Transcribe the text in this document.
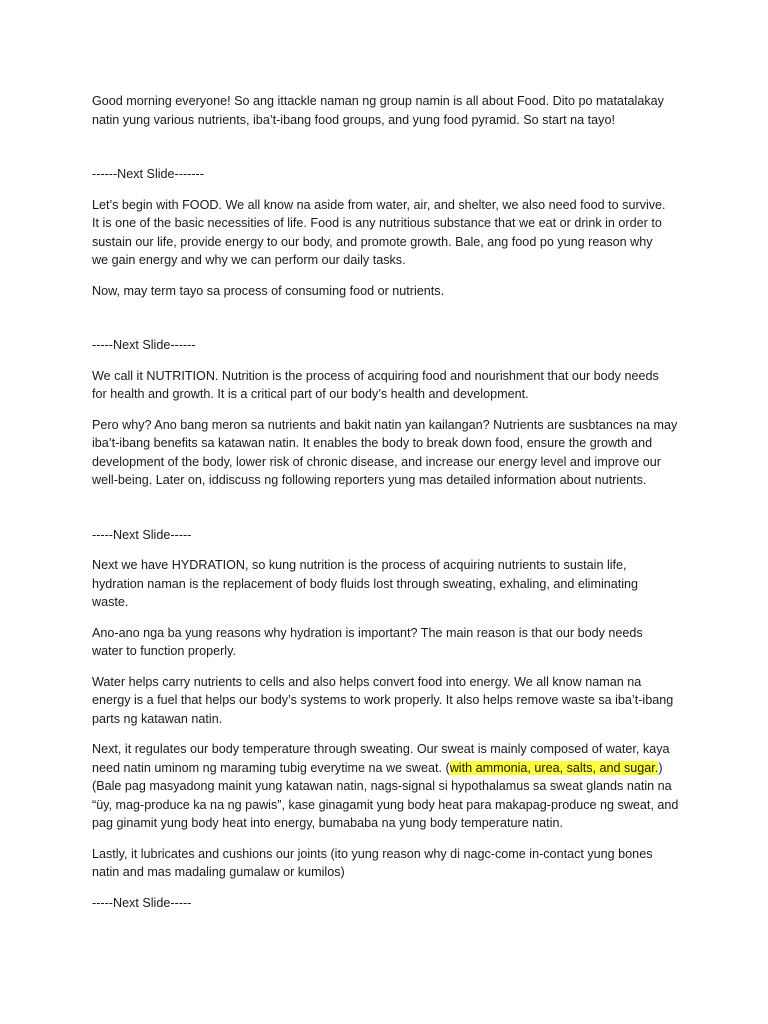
Good morning everyone! So ang ittackle naman ng group namin is all about Food. Dito po matatalakay
natin yung various nutrients, iba’t-ibang food groups, and yung food pyramid. So start na tayo!
------Next Slide-------
Let’s begin with FOOD. We all know na aside from water, air, and shelter, we also need food to survive.
It is one of the basic necessities of life. Food is any nutritious substance that we eat or drink in order to
sustain our life, provide energy to our body, and promote growth. Bale, ang food po yung reason why
we gain energy and why we can perform our daily tasks.
Now, may term tayo sa process of consuming food or nutrients.
-----Next Slide------
We call it NUTRITION. Nutrition is the process of acquiring food and nourishment that our body needs
for health and growth. It is a critical part of our body’s health and development.
Pero why? Ano bang meron sa nutrients and bakit natin yan kailangan? Nutrients are susbtances na may
iba’t-ibang benefits sa katawan natin. It enables the body to break down food, ensure the growth and
development of the body, lower risk of chronic disease, and increase our energy level and improve our
well-being. Later on, iddiscuss ng following reporters yung mas detailed information about nutrients.
-----Next Slide-----
Next we have HYDRATION, so kung nutrition is the process of acquiring nutrients to sustain life,
hydration naman is the replacement of body fluids lost through sweating, exhaling, and eliminating
waste.
Ano-ano nga ba yung reasons why hydration is important? The main reason is that our body needs
water to function properly.
Water helps carry nutrients to cells and also helps convert food into energy. We all know naman na
energy is a fuel that helps our body’s systems to work properly. It also helps remove waste sa iba’t-ibang
parts ng katawan natin.
Next, it regulates our body temperature through sweating. Our sweat is mainly composed of water, kaya
need natin uminom ng maraming tubig everytime na we sweat. (with ammonia, urea, salts, and sugar.)
(Bale pag masyadong mainit yung katawan natin, nags-signal si hypothalamus sa sweat glands natin na
“üy, mag-produce ka na ng pawis”, kase ginagamit yung body heat para makapag-produce ng sweat, and
pag ginamit yung body heat into energy, bumababa na yung body temperature natin.
Lastly, it lubricates and cushions our joints (ito yung reason why di nagc-come in-contact yung bones
natin and mas madaling gumalaw or kumilos)
-----Next Slide-----
